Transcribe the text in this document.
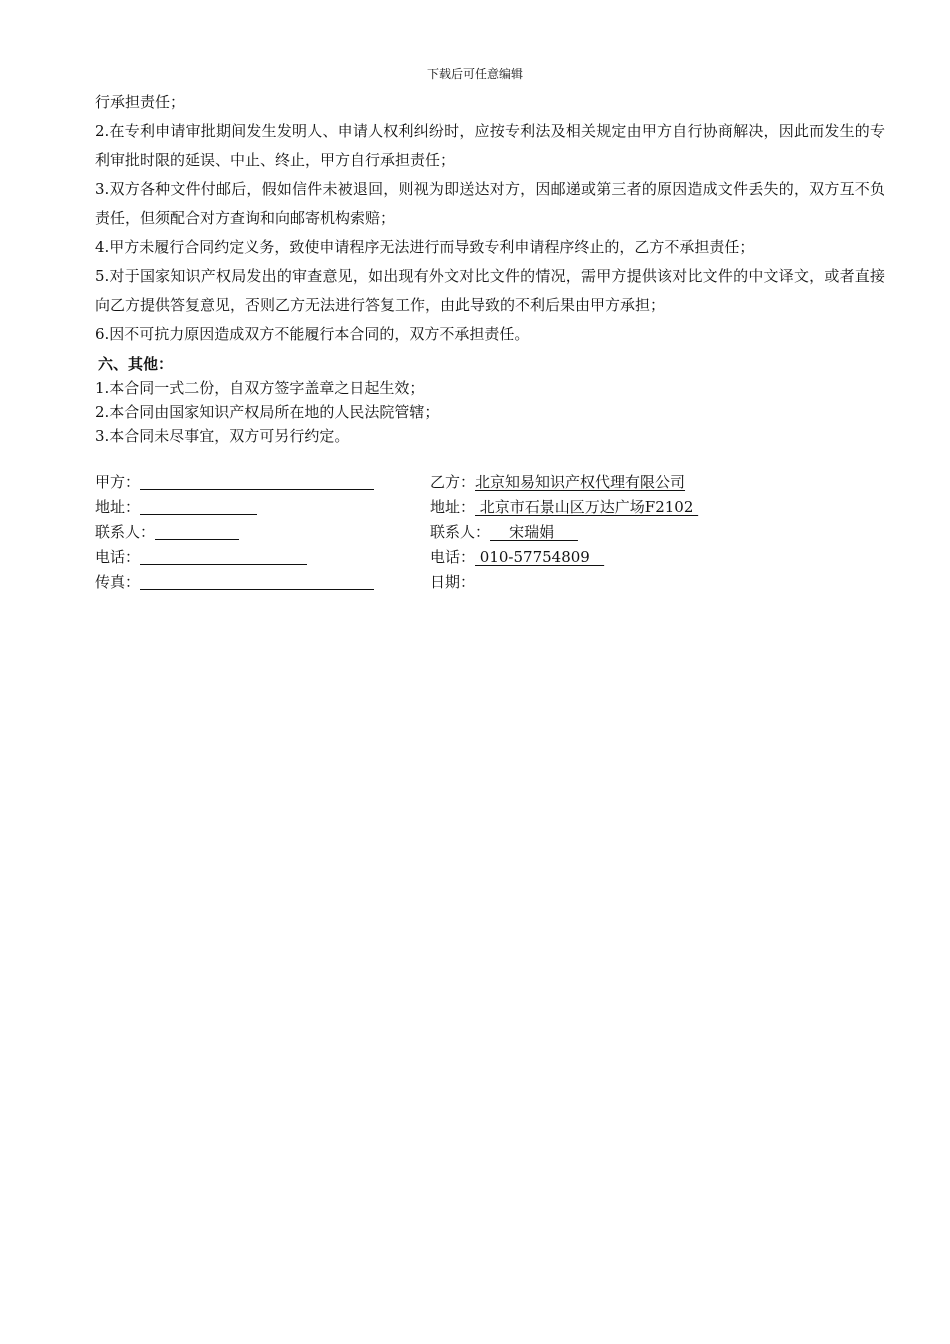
下载后可任意编辑

行承担责任；

2.在专利申请审批期间发生发明人、申请人权利纠纷时，应按专利法及相关规定由甲方自行协商解决，因此而发生的专利审批时限的延误、中止、终止，甲方自行承担责任；

3.双方各种文件付邮后，假如信件未被退回，则视为即送达对方，因邮递或第三者的原因造成文件丢失的，双方互不负责任，但须配合对方查询和向邮寄机构索赔；

4.甲方未履行合同约定义务，致使申请程序无法进行而导致专利申请程序终止的，乙方不承担责任；

5.对于国家知识产权局发出的审查意见，如出现有外文对比文件的情况，需甲方提供该对比文件的中文译文，或者直接向乙方提供答复意见，否则乙方无法进行答复工作，由此导致的不利后果由甲方承担；

6.因不可抗力原因造成双方不能履行本合同的，双方不承担责任。

六、其他：

1.本合同一式二份，自双方签字盖章之日起生效；

2.本合同由国家知识产权局所在地的人民法院管辖；

3.本合同未尽事宜，双方可另行约定。

甲方：
地址：
联系人：
电话：
传真：
乙方：北京知易知识产权代理有限公司
地址： 北京市石景山区万达广场F2102
联系人：    宋瑞娟
电话： 010-57754809
日期：
